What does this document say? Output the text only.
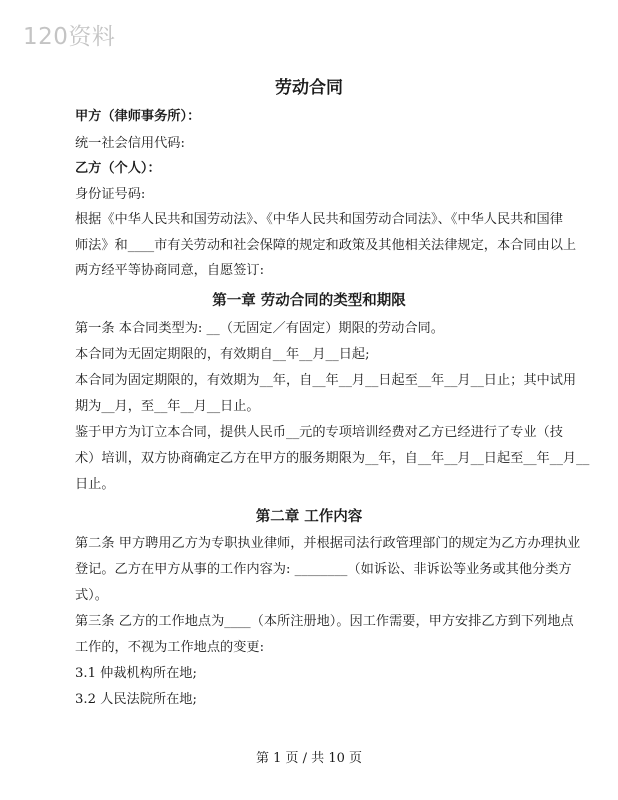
120资料
劳动合同
甲方（律师事务所）：
统一社会信用代码:
乙方（个人）：
身份证号码:
根据《中华人民共和国劳动法》、《中华人民共和国劳动合同法》、《中华人民共和国律
师法》和____市有关劳动和社会保障的规定和政策及其他相关法律规定，本合同由以上
两方经平等协商同意，自愿签订:
第一章 劳动合同的类型和期限
第一条 本合同类型为: __（无固定／有固定）期限的劳动合同。
本合同为无固定期限的，有效期自__年__月__日起;
本合同为固定期限的，有效期为__年，自__年__月__日起至__年__月__日止；其中试用
期为__月，至__年__月__日止。
鉴于甲方为订立本合同，提供人民币__元的专项培训经费对乙方已经进行了专业（技
术）培训，双方协商确定乙方在甲方的服务期限为__年，自__年__月__日起至__年__月__
日止。
第二章 工作内容
第二条 甲方聘用乙方为专职执业律师，并根据司法行政管理部门的规定为乙方办理执业
登记。乙方在甲方从事的工作内容为: ________（如诉讼、非诉讼等业务或其他分类方
式）。
第三条 乙方的工作地点为____（本所注册地）。因工作需要，甲方安排乙方到下列地点
工作的，不视为工作地点的变更:
3.1 仲裁机构所在地;
3.2 人民法院所在地;
第 1 页 / 共 10 页
